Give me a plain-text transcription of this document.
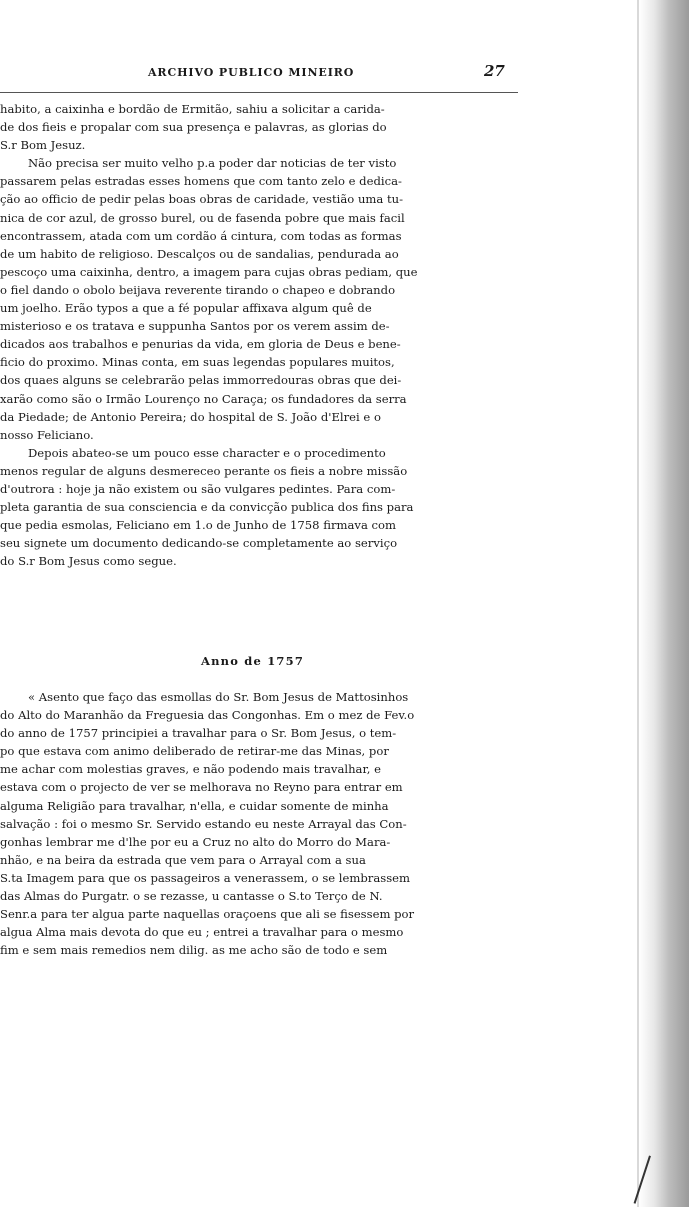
ARCHIVO PUBLICO MINEIRO	27

habito, a caixinha e bordão de Ermitão, sahiu a solicitar a carida-
de dos fieis e propalar com sua presença e palavras, as glorias do
S.r Bom Jesuz.

Não precisa ser muito velho p.a poder dar noticias de ter visto
passarem pelas estradas esses homens que com tanto zelo e dedica-
ção ao officio de pedir pelas boas obras de caridade, vestião uma tu-
nica de cor azul, de grosso burel, ou de fasenda pobre que mais facil
encontrassem, atada com um cordão á cintura, com todas as formas
de um habito de religioso. Descalços ou de sandalias, pendurada ao
pescoço uma caixinha, dentro, a imagem para cujas obras pediam, que
o fiel dando o obolo beijava reverente tirando o chapeo e dobrando
um joelho. Erão typos a que a fé popular affixava algum quê de
misterioso e os tratava e suppunha Santos por os verem assim de-
dicados aos trabalhos e penurias da vida, em gloria de Deus e bene-
ficio do proximo. Minas conta, em suas legendas populares muitos,
dos quaes alguns se celebrarão pelas immorredouras obras que dei-
xarão como são o Irmão Lourenço no Caraça; os fundadores da serra
da Piedade; de Antonio Pereira; do hospital de S. João d'Elrei e o
nosso Feliciano.

Depois abateo-se um pouco esse character e o procedimento
menos regular de alguns desmereceo perante os fieis a nobre missão
d'outrora : hoje ja não existem ou são vulgares pedintes. Para com-
pleta garantia de sua consciencia e da convicção publica dos fins para
que pedia esmolas, Feliciano em 1.o de Junho de 1758 firmava com
seu signete um documento dedicando-se completamente ao serviço
do S.r Bom Jesus como segue.

Anno de 1757
« Asento que faço das esmollas do Sr. Bom Jesus de Mattosinhos
do Alto do Maranhão da Freguesia das Congonhas. Em o mez de Fev.o
do anno de 1757 principiei a travalhar para o Sr. Bom Jesus, o tem-
po que estava com animo deliberado de retirar-me das Minas, por
me achar com molestias graves, e não podendo mais travalhar, e
estava com o projecto de ver se melhorava no Reyno para entrar em
alguma Religião para travalhar, n'ella, e cuidar somente de minha
salvação : foi o mesmo Sr. Servido estando eu neste Arrayal das Con-
gonhas lembrar me d'lhe por eu a Cruz no alto do Morro do Mara-
nhão, e na beira da estrada que vem para o Arrayal com a sua
S.ta Imagem para que os passageiros a venerassem, o se lembrassem
das Almas do Purgatr. o se rezasse, u cantasse o S.to Terço de N.
Senr.a para ter algua parte naquellas oraçoens que ali se fisessem por
algua Alma mais devota do que eu ; entrei a travalhar para o mesmo
fim e sem mais remedios nem dilig. as me acho são de todo e sem
